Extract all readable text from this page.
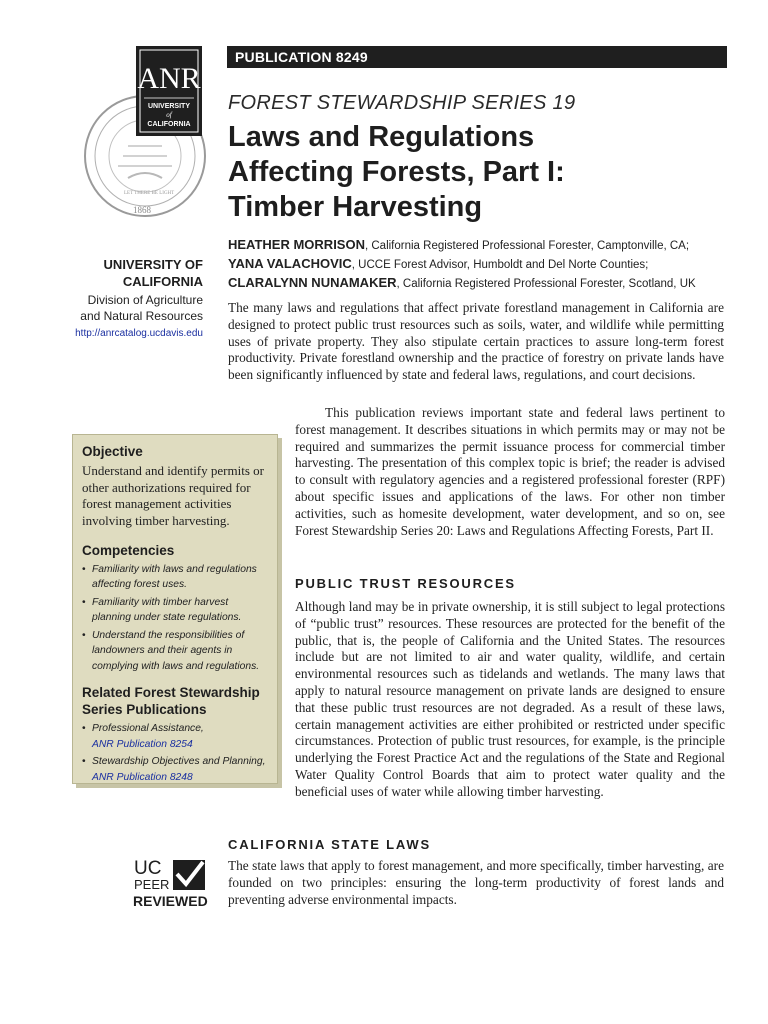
PUBLICATION 8249
1868
LET THERE BE LIGHT
ANR
UNIVERSITY
of
CALIFORNIA
FOREST STEWARDSHIP SERIES 19
Laws and Regulations
Affecting Forests, Part I:
Timber Harvesting
HEATHER MORRISON, California Registered Professional Forester, Camptonville, CA;
YANA VALACHOVIC, UCCE Forest Advisor, Humboldt and Del Norte Counties;
CLARALYNN NUNAMAKER, California Registered Professional Forester, Scotland, UK
UNIVERSITY OF
CALIFORNIA
Division of Agriculture
and Natural Resources
http://anrcatalog.ucdavis.edu
The many laws and regulations that affect private forestland management in California are designed to protect public trust resources such as soils, water, and wildlife while permitting uses of private property. They also stipulate certain practices to assure long-term forest productivity. Private forestland ownership and the practice of forestry on private lands have been significantly influenced by state and federal laws, regulations, and court decisions.
This publication reviews important state and federal laws pertinent to forest management. It describes situations in which permits may or may not be required and summarizes the permit issuance process for commercial timber harvesting. The presentation of this complex topic is brief; the reader is advised to consult with regulatory agencies and a registered professional forester (RPF) about specific issues and applications of the laws. For other non timber activities, such as homesite development, water development, and so on, see Forest Stewardship Series 20: Laws and Regulations Affecting Forests, Part II.
Objective
Understand and identify permits or other authorizations required for forest management activities involving timber harvesting.
Competencies
• Familiarity with laws and regulations affecting forest uses.
• Familiarity with timber harvest planning under state regulations.
• Understand the responsibilities of landowners and their agents in complying with laws and regulations.
Related Forest Stewardship Series Publications
• Professional Assistance,
ANR Publication 8254
• Stewardship Objectives and Planning,
ANR Publication 8248
PUBLIC TRUST RESOURCES
Although land may be in private ownership, it is still subject to legal protections of “public trust” resources. These resources are protected for the benefit of the public, that is, the people of California and the United States. The resources include but are not limited to air and water quality, wildlife, and certain environmental resources such as tidelands and wetlands. The many laws that apply to natural resource management on private lands are designed to ensure that these public trust resources are not degraded. As a result of these laws, certain management activities are either prohibited or restricted under specific circumstances. Protection of public trust resources, for example, is the principle underlying the Forest Practice Act and the regulations of the State and Regional Water Quality Control Boards that aim to protect water quality and the beneficial uses of water while allowing timber harvesting.
CALIFORNIA STATE LAWS
The state laws that apply to forest management, and more specifically, timber harvesting, are founded on two principles: ensuring the long-term productivity of forest lands and preventing adverse environmental impacts.
UC
PEER
REVIEWED
